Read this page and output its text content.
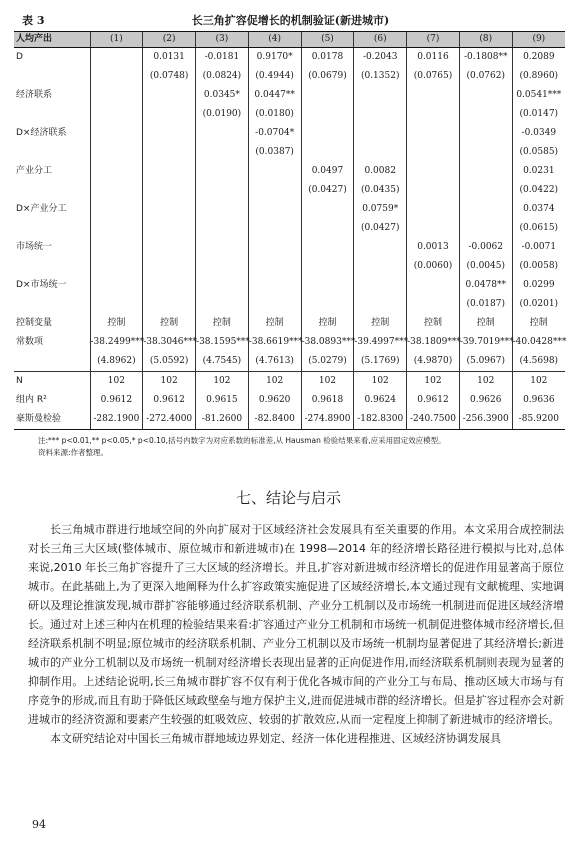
表 3	长三角扩容促增长的机制验证(新进城市)
人均产出	(1)	(2)	(3)	(4)	(5)	(6)	(7)	(8)	(9)
D		0.0131	-0.0181	0.9170*	0.0178	-0.2043	0.0116	-0.1808**	0.2089
		(0.0748)	(0.0824)	(0.4944)	(0.0679)	(0.1352)	(0.0765)	(0.0762)	(0.8960)
经济联系			0.0345*	0.0447**					0.0541***
			(0.0190)	(0.0180)					(0.0147)
D×经济联系				-0.0704*					-0.0349
				(0.0387)					(0.0585)
产业分工					0.0497	0.0082			0.0231
					(0.0427)	(0.0435)			(0.0422)
D×产业分工						0.0759*			0.0374
						(0.0427)			(0.0615)
市场统一							0.0013	-0.0062	-0.0071
							(0.0060)	(0.0045)	(0.0058)
D×市场统一								0.0478**	0.0299
								(0.0187)	(0.0201)
控制变量	控制	控制	控制	控制	控制	控制	控制	控制	控制
常数项	-38.2499***	-38.3046***	-38.1595***	-38.6619***	-38.0893***	-39.4997***	-38.1809***	-39.7019***	-40.0428***
	(4.8962)	(5.0592)	(4.7545)	(4.7613)	(5.0279)	(5.1769)	(4.9870)	(5.0967)	(4.5698)
N	102	102	102	102	102	102	102	102	102
组内 R²	0.9612	0.9612	0.9615	0.9620	0.9618	0.9624	0.9612	0.9626	0.9636
豪斯曼检验	-282.1900	-272.4000	-81.2600	-82.8400	-274.8900	-182.8300	-240.7500	-256.3900	-85.9200
注:*** p<0.01,** p<0.05,* p<0.10,括号内数字为对应系数的标准差,从 Hausman 检验结果来看,应采用固定效应模型。
资料来源:作者整理。
七、结论与启示

长三角城市群进行地域空间的外向扩展对于区域经济社会发展具有至关重要的作用。本文采用合成控制法对长三角三大区域(整体城市、原位城市和新进城市)在 1998—2014 年的经济增长路径进行模拟与比对,总体来说,2010 年长三角扩容提升了三大区域的经济增长。并且,扩容对新进城市经济增长的促进作用显著高于原位城市。在此基础上,为了更深入地阐释为什么扩容政策实施促进了区域经济增长,本文通过现有文献梳理、实地调研以及理论推演发现,城市群扩容能够通过经济联系机制、产业分工机制以及市场统一机制进而促进区域经济增长。通过对上述三种内在机理的检验结果来看:扩容通过产业分工机制和市场统一机制促进整体城市经济增长,但经济联系机制不明显;原位城市的经济联系机制、产业分工机制以及市场统一机制均显著促进了其经济增长;新进城市的产业分工机制以及市场统一机制对经济增长表现出显著的正向促进作用,而经济联系机制则表现为显著的抑制作用。上述结论说明,长三角城市群扩容不仅有利于优化各城市间的产业分工与布局、推动区域大市场与有序竞争的形成,而且有助于降低区域政壁垒与地方保护主义,进而促进城市群的经济增长。但是扩容过程亦会对新进城市的经济资源和要素产生较强的虹吸效应、较弱的扩散效应,从而一定程度上抑制了新进城市的经济增长。

本文研究结论对中国长三角城市群地域边界划定、经济一体化进程推进、区域经济协调发展具

94
